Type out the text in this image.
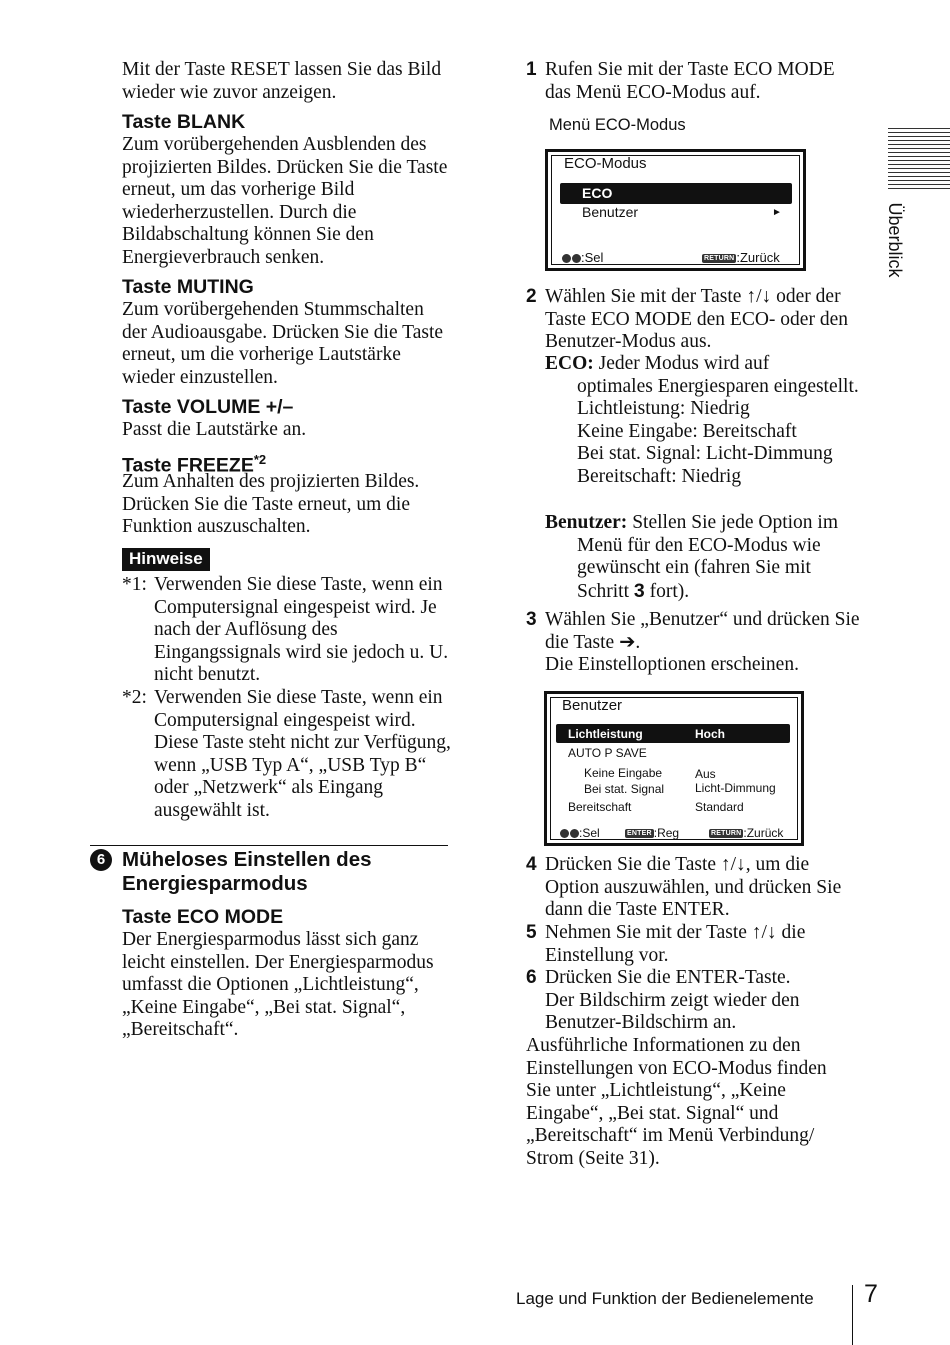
Überblick

Mit der Taste RESET lassen Sie das Bild wieder wie zuvor anzeigen.

Taste BLANK

Zum vorübergehenden Ausblenden des projizierten Bildes. Drücken Sie die Taste erneut, um das vorherige Bild wiederherzustellen. Durch die Bildabschaltung können Sie den Energieverbrauch senken.

Taste MUTING

Zum vorübergehenden Stummschalten der Audioausgabe. Drücken Sie die Taste erneut, um die vorherige Lautstärke wieder einzustellen.

Taste VOLUME +/–

Passt die Lautstärke an.

Taste FREEZE$^{*2}$

Zum Anhalten des projizierten Bildes. Drücken Sie die Taste erneut, um die Funktion auszuschalten.

Hinweise
*1: Verwenden Sie diese Taste, wenn ein Computersignal eingespeist wird. Je nach der Auflösung des Eingangssignals wird sie jedoch u. U. nicht benutzt.
*2: Verwenden Sie diese Taste, wenn ein Computersignal eingespeist wird. Diese Taste steht nicht zur Verfügung, wenn „USB Typ A“, „USB Typ B“ oder „Netzwerk“ als Eingang ausgewählt ist.
6 Müheloses Einstellen des
Energiesparmodus

Taste ECO MODE

Der Energiesparmodus lässt sich ganz leicht einstellen. Der Energiesparmodus umfasst die Optionen „Lichtleistung“, „Keine Eingabe“, „Bei stat. Signal“, „Bereitschaft“.

1 Rufen Sie mit der Taste ECO MODE das Menü ECO-Modus auf.

Menü ECO-Modus

ECO-Modus
ECO
Benutzer	►
:Sel	RETURN :Zurück
2 Wählen Sie mit der Taste ↑/↓ oder der Taste ECO MODE den ECO- oder den Benutzer-Modus aus.

ECO: Jeder Modus wird auf
optimales Energiesparen eingestellt.
Lichtleistung: Niedrig
Keine Eingabe: Bereitschaft
Bei stat. Signal: Licht-Dimmung
Bereitschaft: Niedrig
Benutzer: Stellen Sie jede Option im
Menü für den ECO-Modus wie gewünscht ein (fahren Sie mit Schritt 3 fort).
3 Wählen Sie „Benutzer“ und drücken Sie die Taste ➔.
Die Einstelloptionen erscheinen.

Benutzer
Lichtleistung	Hoch
AUTO P SAVE
Keine Eingabe	Aus
Bei stat. Signal	Licht-Dimmung
Bereitschaft	Standard
:Sel	ENTER :Reg	RETURN :Zurück
4 Drücken Sie die Taste ↑/↓, um die Option auszuwählen, und drücken Sie dann die Taste ENTER.

5 Nehmen Sie mit der Taste ↑/↓ die Einstellung vor.

6 Drücken Sie die ENTER-Taste.
Der Bildschirm zeigt wieder den Benutzer-Bildschirm an.

Ausführliche Informationen zu den Einstellungen von ECO-Modus finden Sie unter „Lichtleistung“, „Keine Eingabe“, „Bei stat. Signal“ und „Bereitschaft“ im Menü Verbindung/ Strom (Seite 31).

Lage und Funktion der Bedienelemente 7
